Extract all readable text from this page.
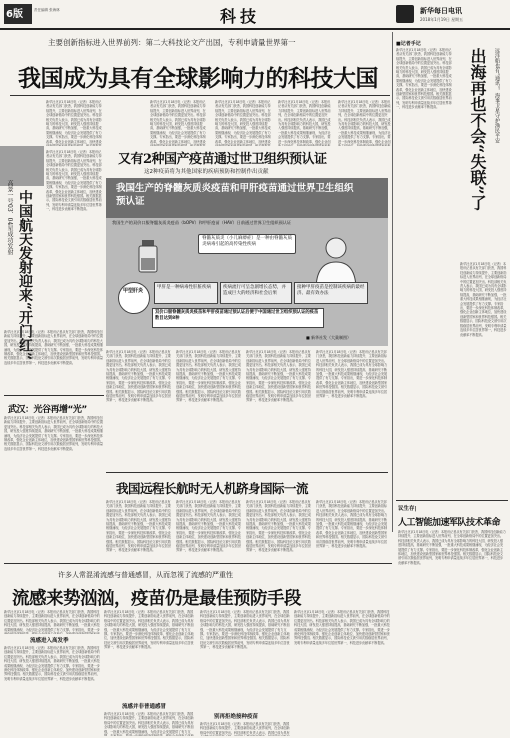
6版	责任编辑 张海林	科技	新华每日电讯
2018年1月19日 星期五
主要创新指标进入世界前列：第二大科技论文产出国，专利申请量世界第一
我国成为具有全球影响力的科技大国
新华社北京1月18日电（记者）本报讯记者从有关部门获悉，我国科技创新能力持续提升，主要创新指标进入世界前列，在全球创新格局中的位置更加突出。科技部相关负责人表示，我国已成为具有全球影响力的科技大国，研发投入强度持续提高，基础研究不断加强，一批重大科技成果相继涌现，为经济社会发展提供了有力支撑。专家指出，要进一步深化科技体制改革，强化企业创新主体地位，加快建设
新华社北京1月18日电（记者）本报讯记者从有关部门获悉，我国科技创新能力持续提升，主要创新指标进入世界前列，在全球创新格局中的位置更加突出。科技部相关负责人表示，我国已成为具有全球影响力的科技大国，研发投入强度持续提高，基础研究不断加强，一批重大科技成果相继涌现，为经济社会发展提供了有力支撑。专家指出，要进一步深化科技体制改革，强化企业创新主体地位，加快建设
新华社北京1月18日电（记者）本报讯记者从有关部门获悉，我国科技创新能力持续提升，主要创新指标进入世界前列，在全球创新格局中的位置更加突出。科技部相关负责人表示，我国已成为具有全球影响力的科技大国，研发投入强度持续提高，基础研究不断加强，一批重大科技成果相继涌现，为经济社会发展提供了有力支撑。专家指出，要进一步深化科技体制改革，强化企业创新主体地位，加快建设
新华社北京1月18日电（记者）本报讯记者从有关部门获悉，我国科技创新能力持续提升，主要创新指标进入世界前列，在全球创新格局中的位置更加突出。科技部相关负责人表示，我国已成为具有全球影响力的科技大国，研发投入强度持续提高，基础研究不断加强，一批重大科技成果相继涌现，为经济社会发展提供了有力支撑。专家指出，要进一步深化科技体制改革，强化企业创
新华社北京1月18日电（记者）本报讯记者从有关部门获悉，我国科技创新能力持续提升，主要创新指标进入世界前列，在全球创新格局中的位置更加突出。科技部相关负责人表示，我国已成为具有全球影响力的科技大国，研发投入强度持续提高，基础研究不断加强，一批重大科技成果相继涌现，为经济社会发展提供了有力支撑。专家指出，要进一步深化科技体制改革，强化企业创
中国航天发射迎来“开门红”
高景一号03、04星成功发射
新华社北京1月18日电（记者）本报讯记者从有关部门获悉，我国科技创新能力持续提升，主要创新指标进入世界前列，在全球创新格局中的位置更加突出。科技部相关负责人表示，我国已成为具有全球影响力的科技大国，研发投入强度持续提高，基础研究不断加强，一批重大科技成果相继涌现，为经济社会发展提供了有力支撑。专家指出，要进一步深化科技体制改革，强化企业创新主体地位，加快建设创新型国家和世界科技强国。相关数据显示，国际科技论文被引用次数稳居世界前列，发明专利申请量连续多年位居世界第一，科技进步贡献率不断提高。
新华社北京1月18日电（记者）本报讯记者从有关部门获悉，我国科技创新能力持续提升，主要创新指标进入世界前列，在全球创新格局中的位置更加突出。科技部相关负责人表示，我国已成为具有全球影响力的科技大国，研发投入强度持续提高，基础研究不断加强，一批重大科技成果相继涌现，为经济社会发展提供了有力支撑。专家指出，要进一步深化科技体制改革，强化企业创新主体地位，加快建设创新型国家和世界科技强国。相关数据显示，国际科技论文被引用次数稳居世界前列，发明专利申请量连续多年位居世界第一，科技进步贡献率不断提高。
武汉：光谷再增“光”
新华社北京1月18日电（记者）本报讯记者从有关部门获悉，我国科技创新能力持续提升，主要创新指标进入世界前列，在全球创新格局中的位置更加突出。科技部相关负责人表示，我国已成为具有全球影响力的科技大国，研发投入强度持续提高，基础研究不断加强，一批重大科技成果相继涌现，为经济社会发展提供了有力支撑。专家指出，要进一步深化科技体制改革，强化企业创新主体地位，加快建设创新型国家和世界科技强国。相关数据显示，国际科技论文被引用次数稳居世界前列，发明专利申请量连续多年位居世界第一，科技进步贡献率不断提高。
■记者手记
新华社北京1月18日电（记者）本报讯记者从有关部门获悉，我国科技创新能力持续提升，主要创新指标进入世界前列，在全球创新格局中的位置更加突出。科技部相关负责人表示，我国已成为具有全球影响力的科技大国，研发投入强度持续提高，基础研究不断加强，一批重大科技成果相继涌现，为经济社会发展提供了有力支撑。专家指出，要进一步深化科技体制改革，强化企业创新主体地位，加快建设创新型国家和世界科技强国。相关数据显示，国际科技论文被引用次数稳居世界前列，发明专利申请量连续多年位居世界第一，科技进步贡献率不断提高。	出海再也不会“失联”了 远洋船也有“通讯”，海事卫星守护渔民平安
新华社北京1月18日电（记者）本报讯记者从有关部门获悉，我国科技创新能力持续提升，主要创新指标进入世界前列，在全球创新格局中的位置更加突出。科技部相关负责人表示，我国已成为具有全球影响力的科技大国，研发投入强度持续提高，基础研究不断加强，一批重大科技成果相继涌现，为经济社会发展提供了有力支撑。专家指出，要进一步深化科技体制改革，强化企业创新主体地位，加快建设创新型国家和世界科技强国。相关数据显示，国际科技论文被引用次数稳居世界前列，发明专利申请量连续多年位居世界第一，科技进步贡献率不断提高。
又有2种国产疫苗通过世卫组织预认证
这2种疫苗将为其他国家的疾病预防和控制作出贡献
我国生产的脊髓灰质炎疫苗和甲肝疫苗通过世界卫生组织预认证
我国生产的双价口服脊髓灰质炎疫苗（bOPV）和甲肝疫苗（HAV）日前通过世界卫生组织预认证
脊髓灰质炎（小儿麻痹症）是一种由脊髓灰质炎病毒引起的高传染性疾病
甲型肝炎
甲肝是一种病毒性肝脏疾病	疾病流行可呈急剧增长态势，并造成巨大的经济和社会后果
接种甲肝疫苗是控制该疾病的最经济、最有效办法
双价口服脊髓灰质炎疫苗和甲肝疫苗通过预认证后便于中国通过世卫组织预认证的疫苗数目达到8种
■ 新华社发（大巢制图）
新华社北京1月18日电（记者）本报讯记者从有关部门获悉，我国科技创新能力持续提升，主要创新指标进入世界前列，在全球创新格局中的位置更加突出。科技部相关负责人表示，我国已成为具有全球影响力的科技大国，研发投入强度持续提高，基础研究不断加强，一批重大科技成果相继涌现，为经济社会发展提供了有力支撑。专家指出，要进一步深化科技体制改革，强化企业创新主体地位，加快建设创新型国家和世界科技强国。相关数据显示，国际科技论文被引用次数稳居世界前列，发明专利申请量连续多年位居世界第一，科技进步贡献率不断提高。
新华社北京1月18日电（记者）本报讯记者从有关部门获悉，我国科技创新能力持续提升，主要创新指标进入世界前列，在全球创新格局中的位置更加突出。科技部相关负责人表示，我国已成为具有全球影响力的科技大国，研发投入强度持续提高，基础研究不断加强，一批重大科技成果相继涌现，为经济社会发展提供了有力支撑。专家指出，要进一步深化科技体制改革，强化企业创新主体地位，加快建设创新型国家和世界科技强国。相关数据显示，国际科技论文被引用次数稳居世界前列，发明专利申请量连续多年位居世界第一，科技进步贡献率不断提高。
新华社北京1月18日电（记者）本报讯记者从有关部门获悉，我国科技创新能力持续提升，主要创新指标进入世界前列，在全球创新格局中的位置更加突出。科技部相关负责人表示，我国已成为具有全球影响力的科技大国，研发投入强度持续提高，基础研究不断加强，一批重大科技成果相继涌现，为经济社会发展提供了有力支撑。专家指出，要进一步深化科技体制改革，强化企业创新主体地位，加快建设创新型国家和世界科技强国。相关数据显示，国际科技论文被引用次数稳居世界前列，发明专利申请量连续多年位居世界第一，科技进步贡献率不断提高。
新华社北京1月18日电（记者）本报讯记者从有关部门获悉，我国科技创新能力持续提升，主要创新指标进入世界前列，在全球创新格局中的位置更加突出。科技部相关负责人表示，我国已成为具有全球影响力的科技大国，研发投入强度持续提高，基础研究不断加强，一批重大科技成果相继涌现，为经济社会发展提供了有力支撑。专家指出，要进一步深化科技体制改革，强化企业创新主体地位，加快建设创新型国家和世界科技强国。相关数据显示，国际科技论文被引用次数稳居世界前列，发明专利申请量连续多年位居世界第一，科技进步贡献率不断提高。
我国远程长航时无人机跻身国际一流
新华社北京1月18日电（记者）本报讯记者从有关部门获悉，我国科技创新能力持续提升，主要创新指标进入世界前列，在全球创新格局中的位置更加突出。科技部相关负责人表示，我国已成为具有全球影响力的科技大国，研发投入强度持续提高，基础研究不断加强，一批重大科技成果相继涌现，为经济社会发展提供了有力支撑。专家指出，要进一步深化科技体制改革，强化企业创新主体地位，加快建设创新型国家和世界科技强国。相关数据显示，国际科技论文被引用次数稳居世界前列，发明专利申请量连续多年位居世界第一，科技进步贡献率不断提高。
新华社北京1月18日电（记者）本报讯记者从有关部门获悉，我国科技创新能力持续提升，主要创新指标进入世界前列，在全球创新格局中的位置更加突出。科技部相关负责人表示，我国已成为具有全球影响力的科技大国，研发投入强度持续提高，基础研究不断加强，一批重大科技成果相继涌现，为经济社会发展提供了有力支撑。专家指出，要进一步深化科技体制改革，强化企业创新主体地位，加快建设创新型国家和世界科技强国。相关数据显示，国际科技论文被引用次数稳居世界前列，发明专利申请量连续多年位居世界第一，科技进步贡献率不断提高。
新华社北京1月18日电（记者）本报讯记者从有关部门获悉，我国科技创新能力持续提升，主要创新指标进入世界前列，在全球创新格局中的位置更加突出。科技部相关负责人表示，我国已成为具有全球影响力的科技大国，研发投入强度持续提高，基础研究不断加强，一批重大科技成果相继涌现，为经济社会发展提供了有力支撑。专家指出，要进一步深化科技体制改革，强化企业创新主体地位，加快建设创新型国家和世界科技强国。相关数据显示，国际科技论文被引用次数稳居世界前列，发明专利申请量连续多年位居世界第一，科技进步贡献率不断提高。
新华社北京1月18日电（记者）本报讯记者从有关部门获悉，我国科技创新能力持续提升，主要创新指标进入世界前列，在全球创新格局中的位置更加突出。科技部相关负责人表示，我国已成为具有全球影响力的科技大国，研发投入强度持续提高，基础研究不断加强，一批重大科技成果相继涌现，为经济社会发展提供了有力支撑。专家指出，要进一步深化科技体制改革，强化企业创新主体地位，加快建设创新型国家和世界科技强国。相关数据显示，国际科技论文被引用次数稳居世界前列，发明专利申请量连续多年位居世界第一，科技进步贡献率不断提高。
议生存|
人工智能加速军队技术革命
新华社北京1月18日电（记者）本报讯记者从有关部门获悉，我国科技创新能力持续提升，主要创新指标进入世界前列，在全球创新格局中的位置更加突出。科技部相关负责人表示，我国已成为具有全球影响力的科技大国，研发投入强度持续提高，基础研究不断加强，一批重大科技成果相继涌现，为经济社会发展提供了有力支撑。专家指出，要进一步深化科技体制改革，强化企业创新主体地位，加快建设创新型国家和世界科技强国。相关数据显示，国际科技论文被引用次数稳居世界前列，发明专利申请量连续多年位居世界第一，科技进步贡献率不断提高。
许多人常混淆流感与普通感冒，从而忽视了流感的严重性
流感来势汹汹，疫苗仍是最佳预防手段
新华社北京1月18日电（记者）本报讯记者从有关部门获悉，我国科技创新能力持续提升，主要创新指标进入世界前列，在全球创新格局中的位置更加突出。科技部相关负责人表示，我国已成为具有全球影响力的科技大国，研发投入强度持续提高，基础研究不断加强，一批重大科技成果相继涌现，为经济社会发展提供了有力支撑。专家指出，要进一步
流感进入高发季
新华社北京1月18日电（记者）本报讯记者从有关部门获悉，我国科技创新能力持续提升，主要创新指标进入世界前列，在全球创新格局中的位置更加突出。科技部相关负责人表示，我国已成为具有全球影响力的科技大国，研发投入强度持续提高，基础研究不断加强，一批重大科技成果相继涌现，为经济社会发展提供了有力支撑。专家指出，要进一步深化科技体制改革，强化企业创新主体地位，加快建设创新型国家和世界科技强国。相关数据显示，国际科技论文被引用次数稳居世界前列，发明专利申请量连续多年位居世界第一，科技进步贡献率不断提高。
新华社北京1月18日电（记者）本报讯记者从有关部门获悉，我国科技创新能力持续提升，主要创新指标进入世界前列，在全球创新格局中的位置更加突出。科技部相关负责人表示，我国已成为具有全球影响力的科技大国，研发投入强度持续提高，基础研究不断加强，一批重大科技成果相继涌现，为经济社会发展提供了有力支撑。专家指出，要进一步深化科技体制改革，强化企业创新主体地位，加快建设创新型国家和世界科技强国。相关数据显示，国际科技论文被引用次数稳居世界前列，发明专利申请量连续多年位居世界第一，科技进步贡献率不断提高。
流感并非普通感冒
新华社北京1月18日电（记者）本报讯记者从有关部门获悉，我国科技创新能力持续提升，主要创新指标进入世界前列，在全球创新格局中的位置更加突出。科技部相关负责人表示，我国已成为具有全球影响力的科技大国，研发投入强度持续提高，基础研究不断加强，一批重大科技成果相继涌现，为经济社会发展提供了有力支
新华社北京1月18日电（记者）本报讯记者从有关部门获悉，我国科技创新能力持续提升，主要创新指标进入世界前列，在全球创新格局中的位置更加突出。科技部相关负责人表示，我国已成为具有全球影响力的科技大国，研发投入强度持续提高，基础研究不断加强，一批重大科技成果相继涌现，为经济社会发展提供了有力支撑。专家指出，要进一步深化科技体制改革，强化企业创新主体地位，加快建设创新型国家和世界科技强国。相关数据显示，国际科技论文被引用次数稳居世界前列，发明专利申请量连续多年位居世界第一，科技进步贡献率不断提高。
别再拒绝接种疫苗
新华社北京1月18日电（记者）本报讯记者从有关部门获悉，我国科技创新能力持续提升，主要创新指标进入世界前列，在全球创新格局中的位置更加突出。科技部相关负责人表示，我国已成为具有
新华社北京1月18日电（记者）本报讯记者从有关部门获悉，我国科技创新能力持续提升，主要创新指标进入世界前列，在全球创新格局中的位置更加突出。科技部相关负责人表示，我国已成为具有全球影响力的科技大国，研发投入强度持续提高，基础研究不断加强，一批重大科技成果相继涌现，为经济社会发展提供了有力支撑。专家指出，要进一步深化科技体制改革，强化企业创新主体地位，加快建设创新型国家和世界科技强国。相关数据显示，国际科技论文被引用次数稳居世界前列，发明专利申请量连续多年位居世界第一，科技进步贡献率不断提高。
